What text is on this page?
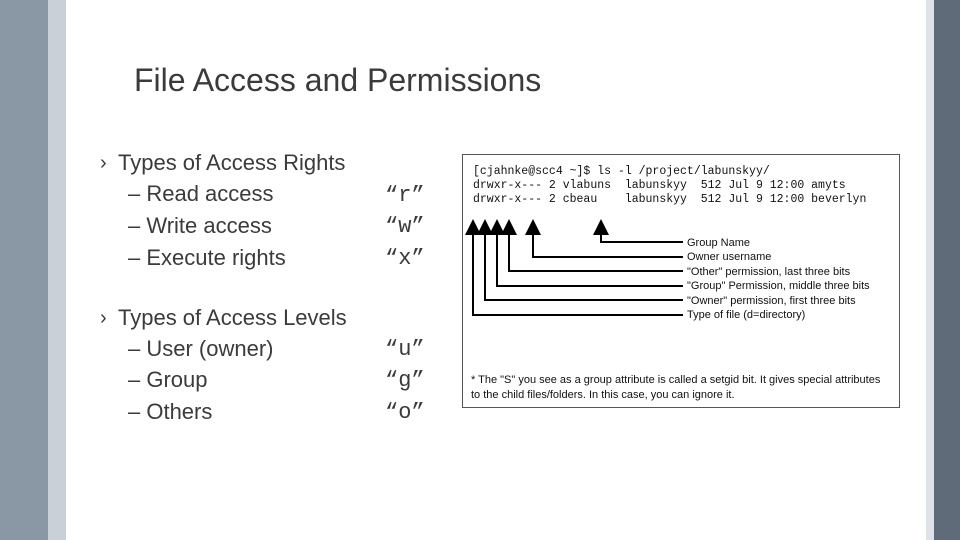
File Access and Permissions
› Types of Access Rights
– Read access	“r”
– Write access	“w”
– Execute rights	“x”
› Types of Access Levels
– User (owner)	“u”
– Group	“g”
– Others	“o”
[cjahnke@scc4 ~]$ ls -l /project/labunskyy/
drwxr-x--- 2 vlabuns  labunskyy  512 Jul 9 12:00 amyts
drwxr-x--- 2 cbeau    labunskyy  512 Jul 9 12:00 beverlyn
Group Name
Owner username
"Other" permission, last three bits
"Group" Permission, middle three bits
"Owner" permission, first three bits
Type of file (d=directory)
* The "S" you see as a group attribute is called a setgid bit. It gives special attributes to the child files/folders. In this case, you can ignore it.
